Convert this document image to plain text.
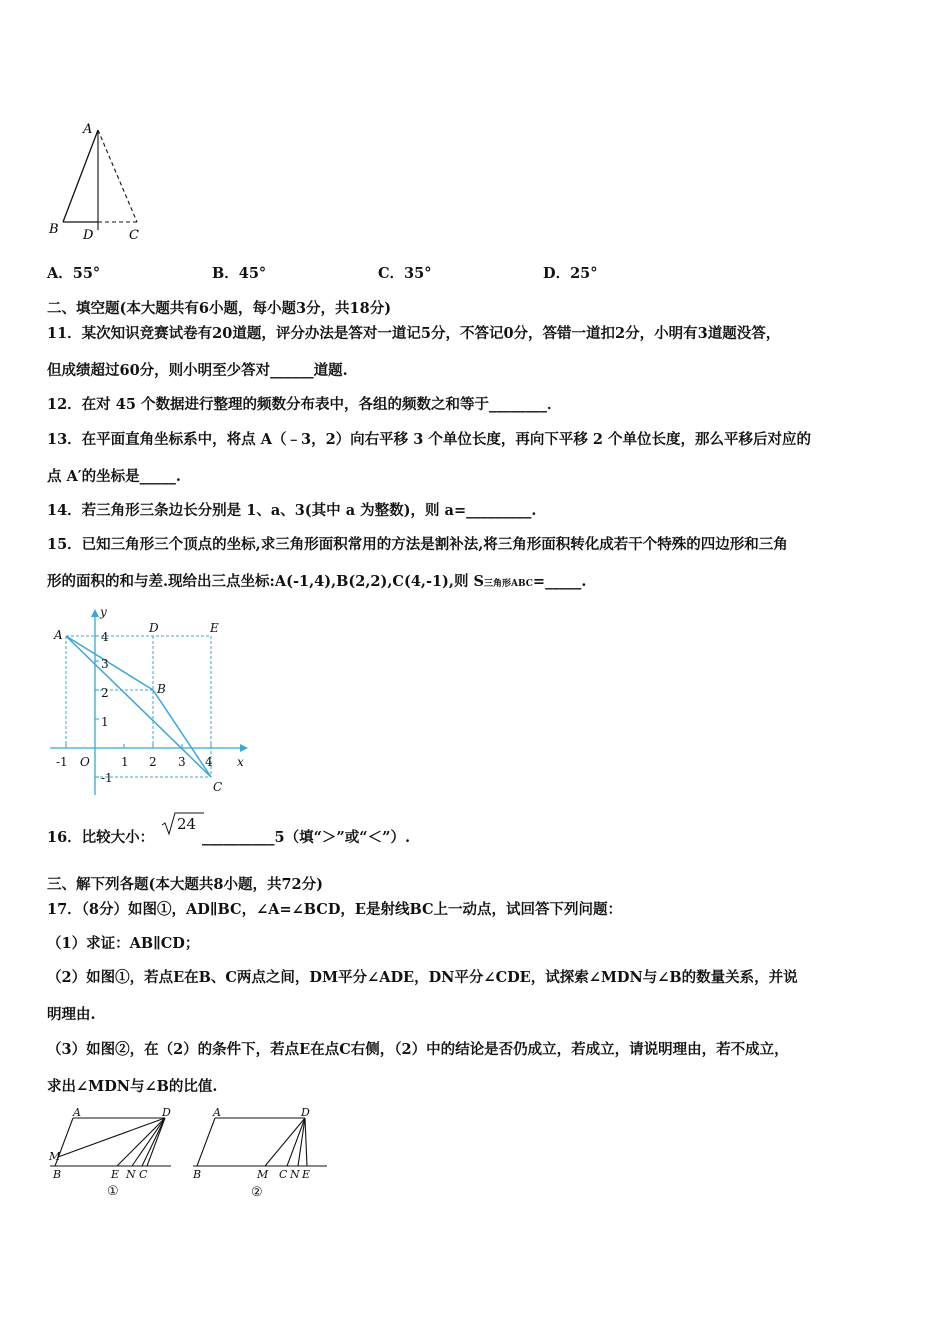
A
B D	C
A．55°	B．45°	C．35°	D．25°
二、填空题(本大题共有6小题，每小题3分，共18分)
11．某次知识竞赛试卷有20道题，评分办法是答对一道记5分，不答记0分，答错一道扣2分，小明有3道题没答，
但成绩超过60分，则小明至少答对______道题.
12．在对 45 个数据进行整理的频数分布表中，各组的频数之和等于________．
13．在平面直角坐标系中，将点 A（﹣3，2）向右平移 3 个单位长度，再向下平移 2 个单位长度，那么平移后对应的
点 A′的坐标是_____.
14．若三角形三条边长分别是 1、a、3(其中 a 为整数)，则 a=_________.
15．已知三角形三个顶点的坐标,求三角形面积常用的方法是割补法,将三角形面积转化成若干个特殊的四边形和三角
形的面积的和与差.现给出三点坐标:A(-1,4),B(2,2),C(4,-1),则 S三角形ABC=_____.
A
B
C
D	E
x
y
O
-1	1 2 3 4
-1
1
2
3
4
16．比较大小：
24
__________5（填“＞”或“＜”）.
三、解下列各题(本大题共8小题，共72分)
17．（8分）如图①，AD∥BC，∠A=∠BCD，E是射线BC上一动点，试回答下列问题：
（1）求证：AB∥CD；
（2）如图①，若点E在B、C两点之间，DM平分∠ADE，DN平分∠CDE，试探索∠MDN与∠B的数量关系，并说
明理由.
（3）如图②，在（2）的条件下，若点E在点C右侧，（2）中的结论是否仍成立，若成立，请说明理由，若不成立，
求出∠MDN与∠B的比值.
A	D
M
B	E N C
A	D
B	M C N E
①	②
